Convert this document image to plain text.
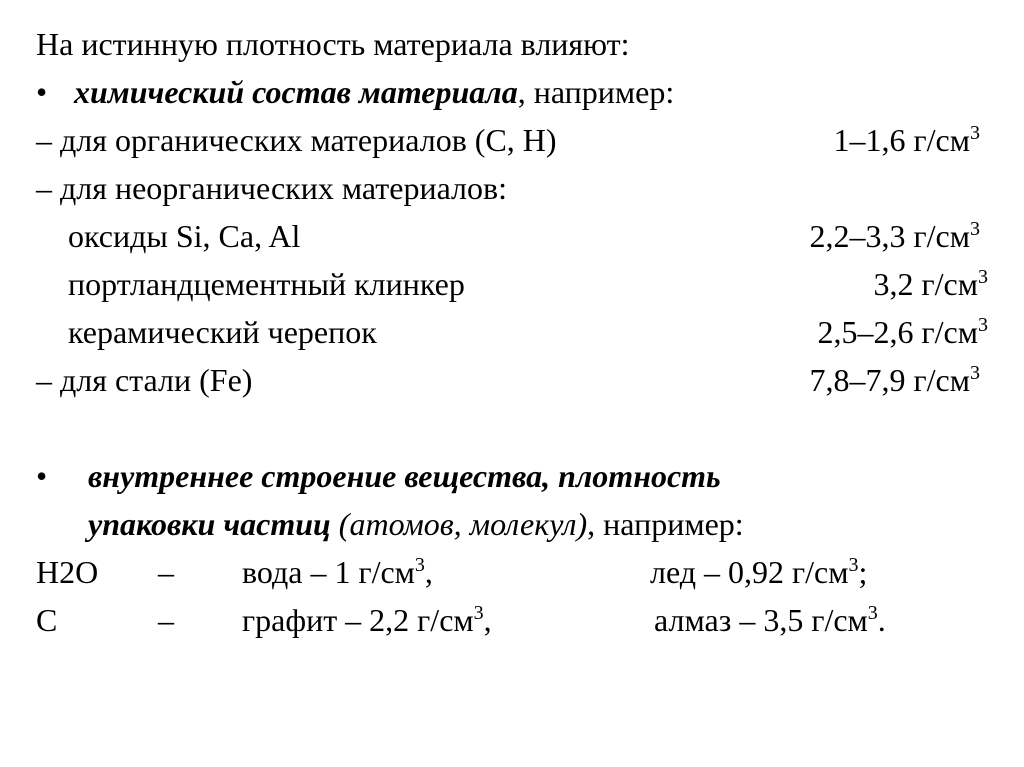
На истинную плотность материала влияют:
• химический состав материала, например:
– для органических материалов (С, Н)	1–1,6 $г/см^3$
– для неорганических материалов:
оксиды Si, Ca, Al	2,2–3,3 $г/см^3$
портландцементный клинкер	3,2 $г/см^3$
керамический черепок	2,5–2,6 $г/см^3$
– для стали (Fe)	7,8–7,9 $г/см^3$
• внутреннее строение вещества, плотность
упаковки частиц (атомов, молекул), например:
H2O – вода – 1 $г/см^3$,	лед – 0,92 $г/см^3$;
C	– графит – 2,2 $г/см^3$,	алмаз – 3,5 $г/см^3$.
